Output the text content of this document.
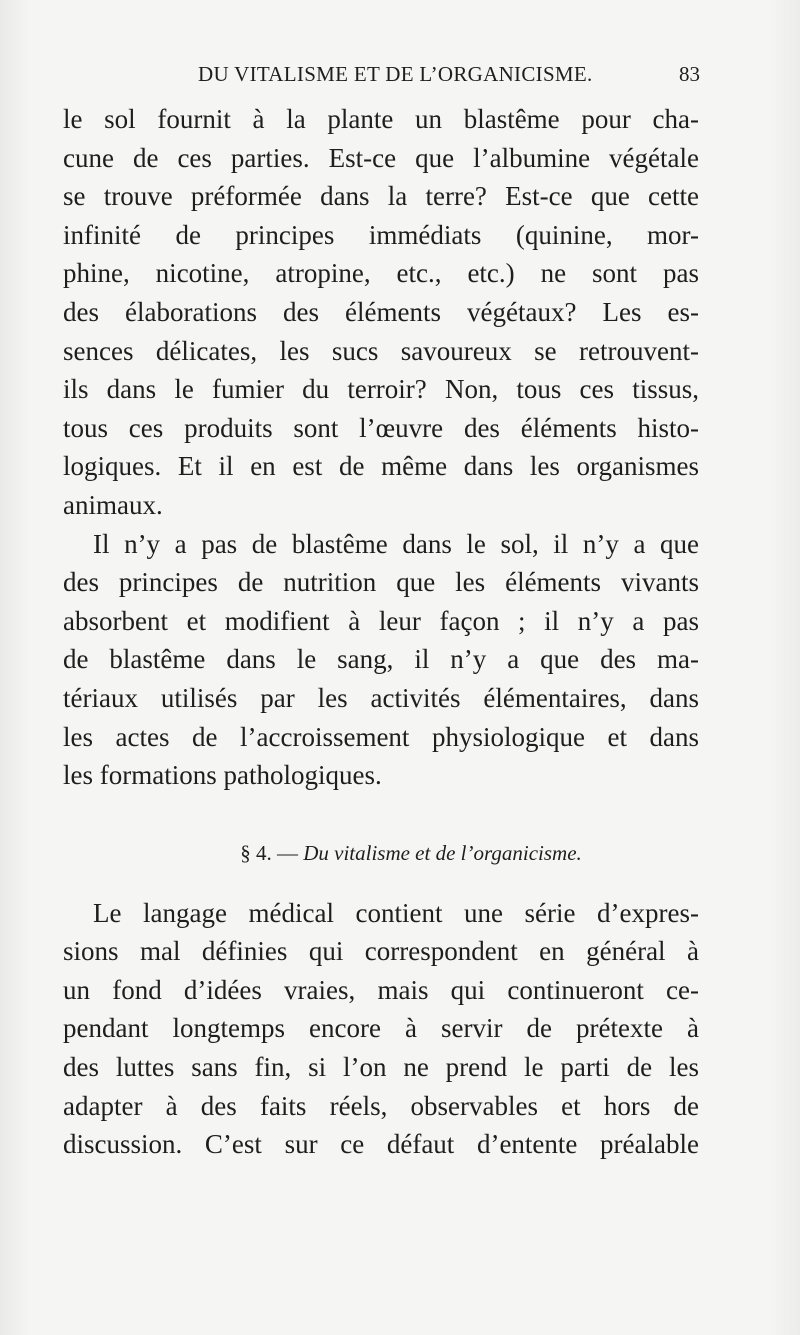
DU VITALISME ET DE L’ORGANICISME.	83
le sol fournit à la plante un blastême pour cha-
cune de ces parties. Est-ce que l’albumine végétale
se trouve préformée dans la terre? Est-ce que cette
infinité de principes immédiats (quinine, mor-
phine, nicotine, atropine, etc., etc.) ne sont pas
des élaborations des éléments végétaux? Les es-
sences délicates, les sucs savoureux se retrouvent-
ils dans le fumier du terroir? Non, tous ces tissus,
tous ces produits sont l’œuvre des éléments histo-
logiques. Et il en est de même dans les organismes
animaux.
Il n’y a pas de blastême dans le sol, il n’y a que
des principes de nutrition que les éléments vivants
absorbent et modifient à leur façon ; il n’y a pas
de blastême dans le sang, il n’y a que des ma-
tériaux utilisés par les activités élémentaires, dans
les actes de l’accroissement physiologique et dans
les formations pathologiques.
§ 4. — Du vitalisme et de l’organicisme.
Le langage médical contient une série d’expres-
sions mal définies qui correspondent en général à
un fond d’idées vraies, mais qui continueront ce-
pendant longtemps encore à servir de prétexte à
des luttes sans fin, si l’on ne prend le parti de les
adapter à des faits réels, observables et hors de
discussion. C’est sur ce défaut d’entente préalable
